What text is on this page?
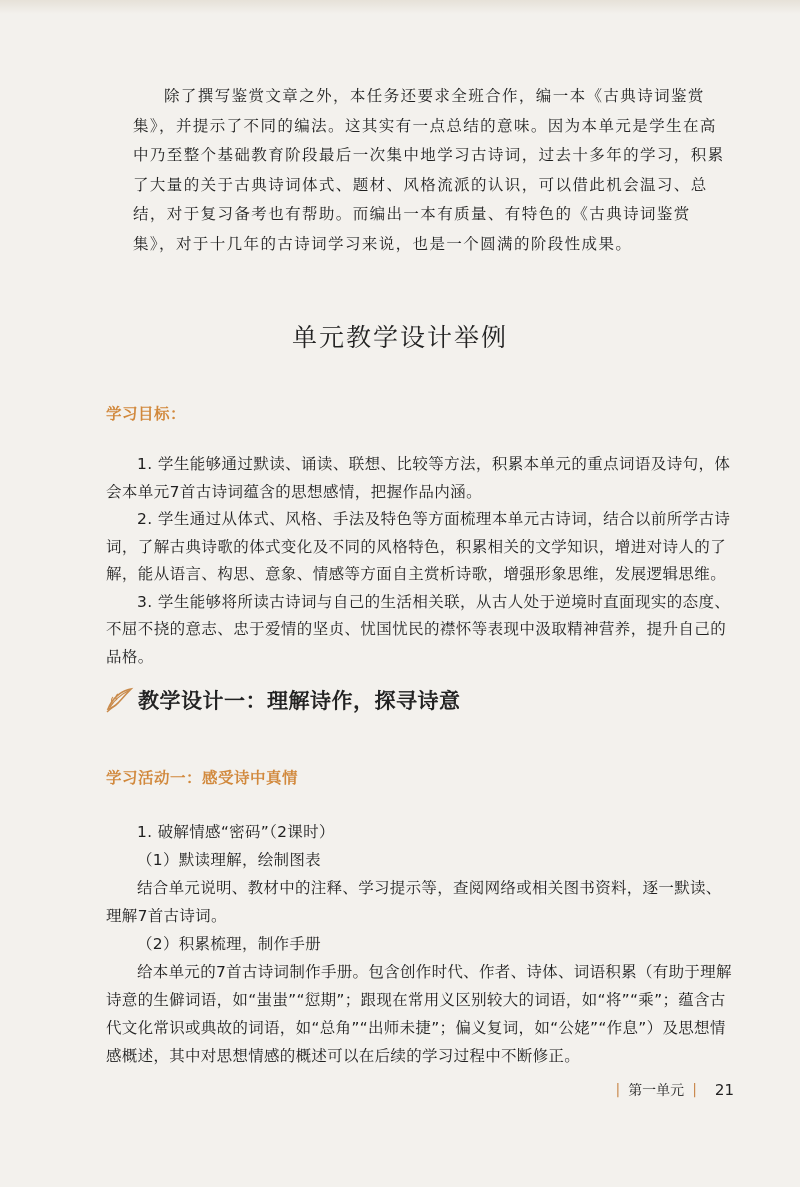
除了撰写鉴赏文章之外，本任务还要求全班合作，编一本《古典诗词鉴赏集》，并提示了不同的编法。这其实有一点总结的意味。因为本单元是学生在高中乃至整个基础教育阶段最后一次集中地学习古诗词，过去十多年的学习，积累了大量的关于古典诗词体式、题材、风格流派的认识，可以借此机会温习、总结，对于复习备考也有帮助。而编出一本有质量、有特色的《古典诗词鉴赏集》，对于十几年的古诗词学习来说，也是一个圆满的阶段性成果。

单元教学设计举例
学习目标：

1. 学生能够通过默读、诵读、联想、比较等方法，积累本单元的重点词语及诗句，体会本单元7首古诗词蕴含的思想感情，把握作品内涵。

2. 学生通过从体式、风格、手法及特色等方面梳理本单元古诗词，结合以前所学古诗词，了解古典诗歌的体式变化及不同的风格特色，积累相关的文学知识，增进对诗人的了解，能从语言、构思、意象、情感等方面自主赏析诗歌，增强形象思维，发展逻辑思维。

3. 学生能够将所读古诗词与自己的生活相关联，从古人处于逆境时直面现实的态度、不屈不挠的意志、忠于爱情的坚贞、忧国忧民的襟怀等表现中汲取精神营养，提升自己的品格。

教学设计一：理解诗作，探寻诗意
学习活动一：感受诗中真情

1. 破解情感“密码”（2课时）

（1）默读理解，绘制图表

结合单元说明、教材中的注释、学习提示等，查阅网络或相关图书资料，逐一默读、理解7首古诗词。

（2）积累梳理，制作手册

给本单元的7首古诗词制作手册。包含创作时代、作者、诗体、词语积累（有助于理解诗意的生僻词语，如“蚩蚩”“愆期”；跟现在常用义区别较大的词语，如“将”“乘”；蕴含古代文化常识或典故的词语，如“总角”“出师未捷”；偏义复词，如“公姥”“作息”）及思想情感概述，其中对思想情感的概述可以在后续的学习过程中不断修正。

| 第一单元 | 21
